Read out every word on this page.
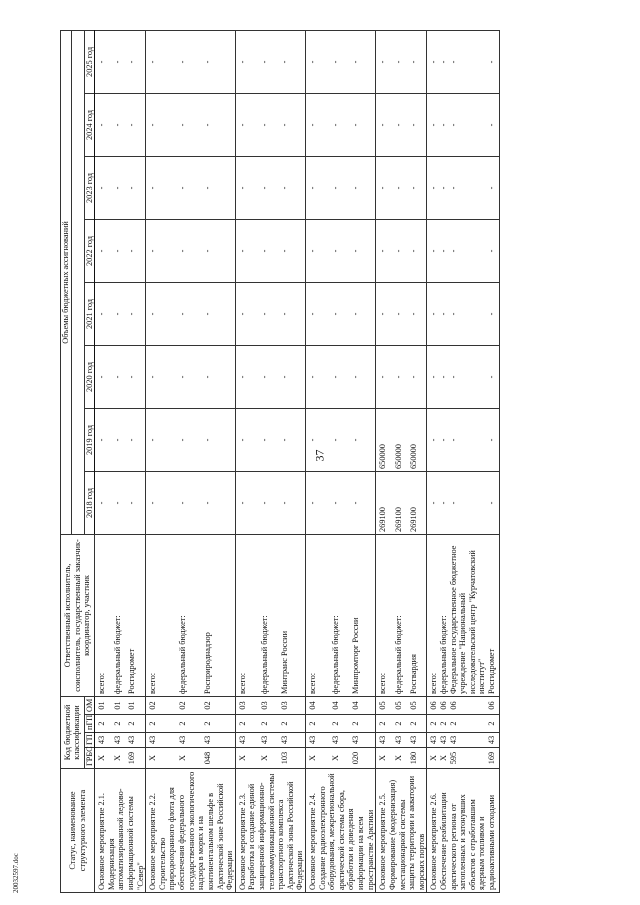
37
20032597.doc
Статус, наименование структурного элемента	Код бюджетной классификации				Ответственный исполнитель, соисполнитель, государственный заказчик-координатор, участник	Объемы бюджетных ассигнований							

	ГРБС	ГП	пГП	ОМ		2018 год	2019 год	2020 год	2021 год	2022 год	2023 год	2024 год	2025 год
Основное мероприятие 2.1.
Модернизация автоматизированной ледово-информационной системы "Север"	X	43	2	01	всего:	-	-	-	-	-	-	-	-
	X	43	2	01	федеральный бюджет:	-	-	-	-	-	-	-	-
	169	43	2	01	Росгидромет	-	-	-	-	-	-	-	-
Основное мероприятие 2.2.
Строительство природоохранного флота для обеспечения федерального государственного экологического надзора в морях и на континентальном шельфе в Арктической зоне Российской Федерации	X	43	2	02	всего:	-	-	-	-	-	-	-	-
	X	43	2	02	федеральный бюджет:	-	-	-	-	-	-	-	-
	048	43	2	02	Росприроднадзор	-	-	-	-	-	-	-	-
Основное мероприятие 2.3.
Разработка и создание единой защищенной информационно-телекоммуникационной системы транспортного комплекса Арктической зоны Российской Федерации	X	43	2	03	всего:	-	-	-	-	-	-	-	-
	X	43	2	03	федеральный бюджет:	-	-	-	-	-	-	-	-
	103	43	2	03	Минтранс России	-	-	-	-	-	-	-	-
Основное мероприятие 2.4.
Создание радиоэлектронного оборудования, межрегиональной арктической системы сбора, обработки и доведения информации на всем пространстве Арктики	X	43	2	04	всего:	-	-	-	-	-	-	-	-
	X	43	2	04	федеральный бюджет:	-	-	-	-	-	-	-	-
	020	43	2	04	Минпромторг России	-	-	-	-	-	-	-	-
Основное мероприятие 2.5.
Формирование (модернизация) местационарной системы защиты территории и акватории морских портов	X	43	2	05	всего:	269100	650000	-	-	-	-	-	-
	X	43	2	05	федеральный бюджет:	269100	650000	-	-	-	-	-	-
	180	43	2	05	Росгвардия	269100	650000	-	-	-	-	-	-
Основное мероприятие 2.6.
Обеспечение реабилитации арктического региона от затопленных и затонувших объектов с отработавшим ядерным топливом и радиоактивными отходами	X	43	2	06	всего:	-	-	-	-	-	-	-	-
	X	43	2	06	федеральный бюджет:	-	-	-	-	-	-	-	-
	595	43	2	06	Федеральное государственное бюджетное учреждение "Национальный исследовательский центр "Курчатовский институт"	-	-	-	-	-	-	-	-
	169	43	2	06	Росгидромет	-	-	-	-	-	-	-	-
